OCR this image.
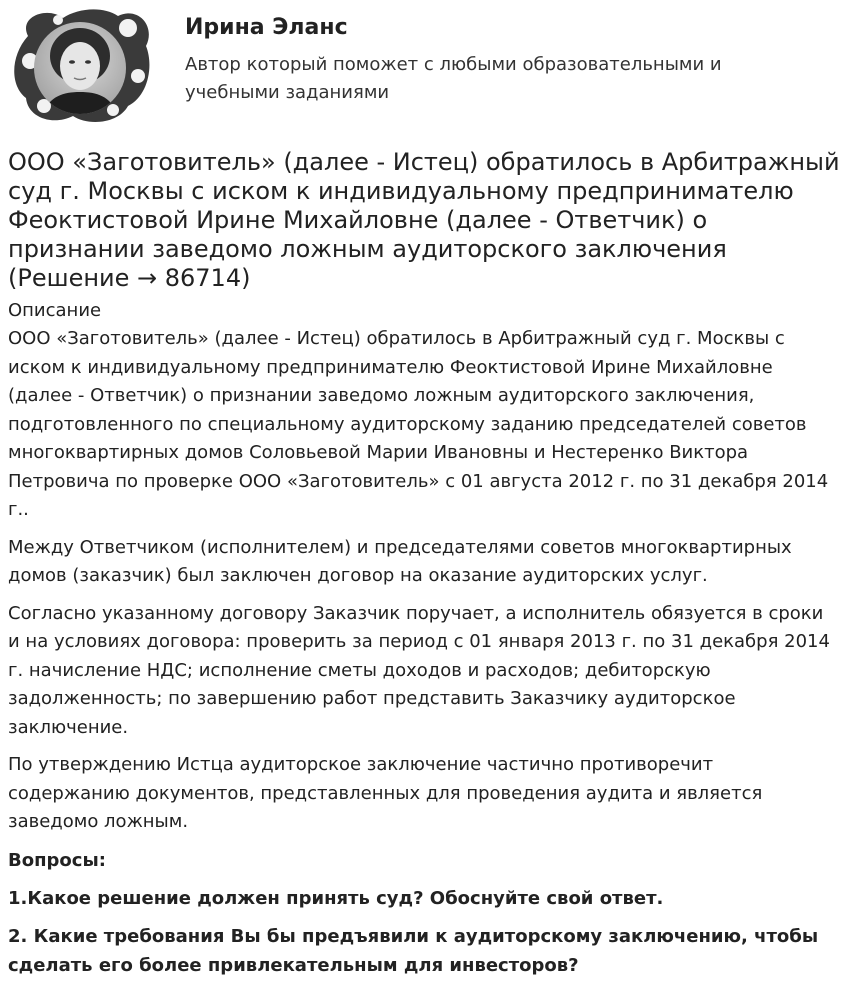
Ирина Эланс

Автор который поможет с любыми образовательными и учебными заданиями

ООО «Заготовитель» (далее - Истец) обратилось в Арбитражный суд г. Москвы с иском к индивидуальному предпринимателю Феоктистовой Ирине Михайловне (далее - Ответчик) о признании заведомо ложным аудиторского заключения (Решение → 86714)

Описание

ООО «Заготовитель» (далее - Истец) обратилось в Арбитражный суд г. Москвы с иском к индивидуальному предпринимателю Феоктистовой Ирине Михайловне (далее - Ответчик) о признании заведомо ложным аудиторского заключения, подготовленного по специальному аудиторскому заданию председателей советов многоквартирных домов Соловьевой Марии Ивановны и Нестеренко Виктора Петровича по проверке ООО «Заготовитель» с 01 августа 2012 г. по 31 декабря 2014 г..

Между Ответчиком (исполнителем) и председателями советов многоквартирных домов (заказчик) был заключен договор на оказание аудиторских услуг.

Согласно указанному договору Заказчик поручает, а исполнитель обязуется в сроки и на условиях договора: проверить за период с 01 января 2013 г. по 31 декабря 2014 г. начисление НДС; исполнение сметы доходов и расходов; дебиторскую задолженность; по завершению работ представить Заказчику аудиторское заключение.

По утверждению Истца аудиторское заключение частично противоречит содержанию документов, представленных для проведения аудита и является заведомо ложным.

Вопросы:

1.Какое решение должен принять суд? Обоснуйте свой ответ.

2. Какие требования Вы бы предъявили к аудиторскому заключению, чтобы сделать его более привлекательным для инвесторов?
